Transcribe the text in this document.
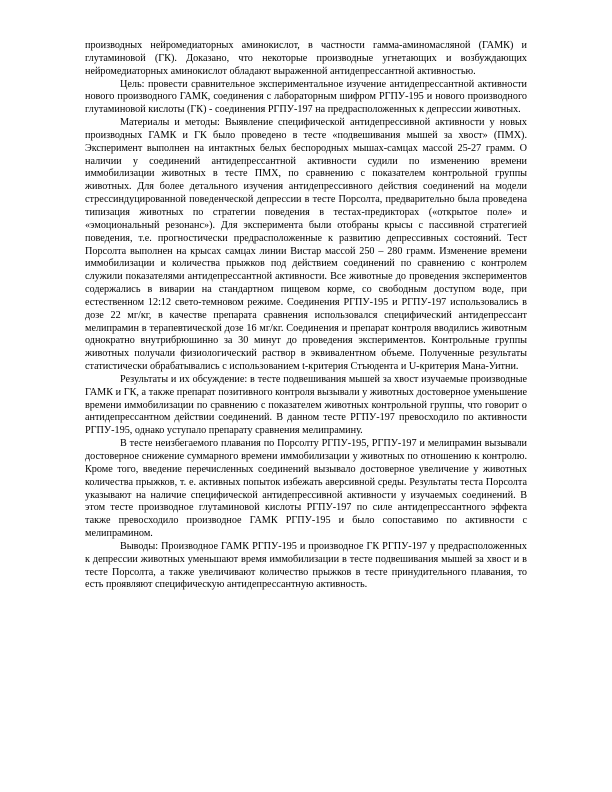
производных нейромедиаторных аминокислот, в частности гамма-аминомасляной (ГАМК) и глутаминовой (ГК). Доказано, что некоторые производные угнетающих и возбуждающих нейромедиаторных аминокислот обладают выраженной антидепрессантной активностью.

Цель: провести сравнительное экспериментальное изучение антидепрессантной активности нового производного ГАМК, соединения с лабораторным шифром РГПУ-195 и нового производного глутаминовой кислоты (ГК) - соединения РГПУ-197 на предрасположенных к депрессии животных.

Материалы и методы: Выявление специфической антидепрессивной активности у новых производных ГАМК и ГК было проведено в тесте «подвешивания мышей за хвост» (ПМХ). Эксперимент выполнен на интактных белых беспородных мышах-самцах массой 25-27 грамм. О наличии у соединений антидепрессантной активности судили по изменению времени иммобилизации животных в тесте ПМХ, по сравнению с показателем контрольной группы животных. Для более детального изучения антидепрессивного действия соединений на модели стрессиндуцированной поведенческой депрессии в тесте Порсолта, предварительно была проведена типизация животных по стратегии поведения в тестах-предикторах («открытое поле» и «эмоциональный резонанс»). Для эксперимента были отобраны крысы с пассивной стратегией поведения, т.е. прогностически предрасположенные к развитию депрессивных состояний. Тест Порсолта выполнен на крысах самцах линии Вистар массой 250 – 280 грамм. Изменение времени иммобилизации и количества прыжков под действием соединений по сравнению с контролем служили показателями антидепрессантной активности. Все животные до проведения экспериментов содержались в виварии на стандартном пищевом корме, со свободным доступом воде, при естественном 12:12 свето-темновом режиме. Соединения РГПУ-195 и РГПУ-197 использовались в дозе 22 мг/кг, в качестве препарата сравнения использовался специфический антидепрессант мелипрамин в терапевтической дозе 16 мг/кг. Соединения и препарат контроля вводились животным однократно внутрибрюшинно за 30 минут до проведения экспериментов. Контрольные группы животных получали физиологический раствор в эквивалентном объеме. Полученные результаты статистически обрабатывались с использованием t-критерия Стъюдента и U-критерия Мана-Уитни.

Результаты и их обсуждение: в тесте подвешивания мышей за хвост изучаемые производные ГАМК и ГК, а также препарат позитивного контроля вызывали у животных достоверное уменьшение времени иммобилизации по сравнению с показателем животных контрольной группы, что говорит о антидепрессантном действии соединений. В данном тесте РГПУ-197 превосходило по активности РГПУ-195, однако уступало препарату сравнения мелипрамину.

В тесте неизбегаемого плавания по Порсолту РГПУ-195, РГПУ-197 и мелипрамин вызывали достоверное снижение суммарного времени иммобилизации у животных по отношению к контролю. Кроме того, введение перечисленных соединений вызывало достоверное увеличение у животных количества прыжков, т. е. активных попыток избежать аверсивной среды. Результаты теста Порсолта указывают на наличие специфической антидепрессивной активности у изучаемых соединений. В этом тесте производное глутаминовой кислоты РГПУ-197 по силе антидепрессантного эффекта также превосходило производное ГАМК РГПУ-195 и было сопоставимо по активности с мелипрамином.

Выводы: Производное ГАМК РГПУ-195 и производное ГК РГПУ-197 у предрасположенных к депрессии животных уменьшают время иммобилизации в тесте подвешивания мышей за хвост и в тесте Порсолта, а также увеличивают количество прыжков в тесте принудительного плавания, то есть проявляют специфическую антидепрессантную активность.
